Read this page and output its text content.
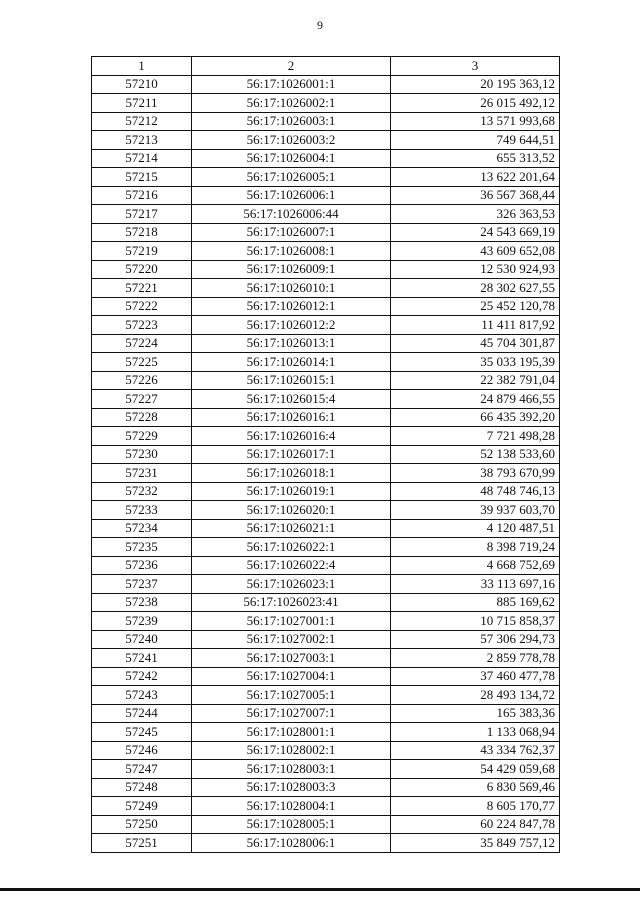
9
1	2	3
57210	56:17:1026001:1	20 195 363,12
57211	56:17:1026002:1	26 015 492,12
57212	56:17:1026003:1	13 571 993,68
57213	56:17:1026003:2	749 644,51
57214	56:17:1026004:1	655 313,52
57215	56:17:1026005:1	13 622 201,64
57216	56:17:1026006:1	36 567 368,44
57217	56:17:1026006:44	326 363,53
57218	56:17:1026007:1	24 543 669,19
57219	56:17:1026008:1	43 609 652,08
57220	56:17:1026009:1	12 530 924,93
57221	56:17:1026010:1	28 302 627,55
57222	56:17:1026012:1	25 452 120,78
57223	56:17:1026012:2	11 411 817,92
57224	56:17:1026013:1	45 704 301,87
57225	56:17:1026014:1	35 033 195,39
57226	56:17:1026015:1	22 382 791,04
57227	56:17:1026015:4	24 879 466,55
57228	56:17:1026016:1	66 435 392,20
57229	56:17:1026016:4	7 721 498,28
57230	56:17:1026017:1	52 138 533,60
57231	56:17:1026018:1	38 793 670,99
57232	56:17:1026019:1	48 748 746,13
57233	56:17:1026020:1	39 937 603,70
57234	56:17:1026021:1	4 120 487,51
57235	56:17:1026022:1	8 398 719,24
57236	56:17:1026022:4	4 668 752,69
57237	56:17:1026023:1	33 113 697,16
57238	56:17:1026023:41	885 169,62
57239	56:17:1027001:1	10 715 858,37
57240	56:17:1027002:1	57 306 294,73
57241	56:17:1027003:1	2 859 778,78
57242	56:17:1027004:1	37 460 477,78
57243	56:17:1027005:1	28 493 134,72
57244	56:17:1027007:1	165 383,36
57245	56:17:1028001:1	1 133 068,94
57246	56:17:1028002:1	43 334 762,37
57247	56:17:1028003:1	54 429 059,68
57248	56:17:1028003:3	6 830 569,46
57249	56:17:1028004:1	8 605 170,77
57250	56:17:1028005:1	60 224 847,78
57251	56:17:1028006:1	35 849 757,12
